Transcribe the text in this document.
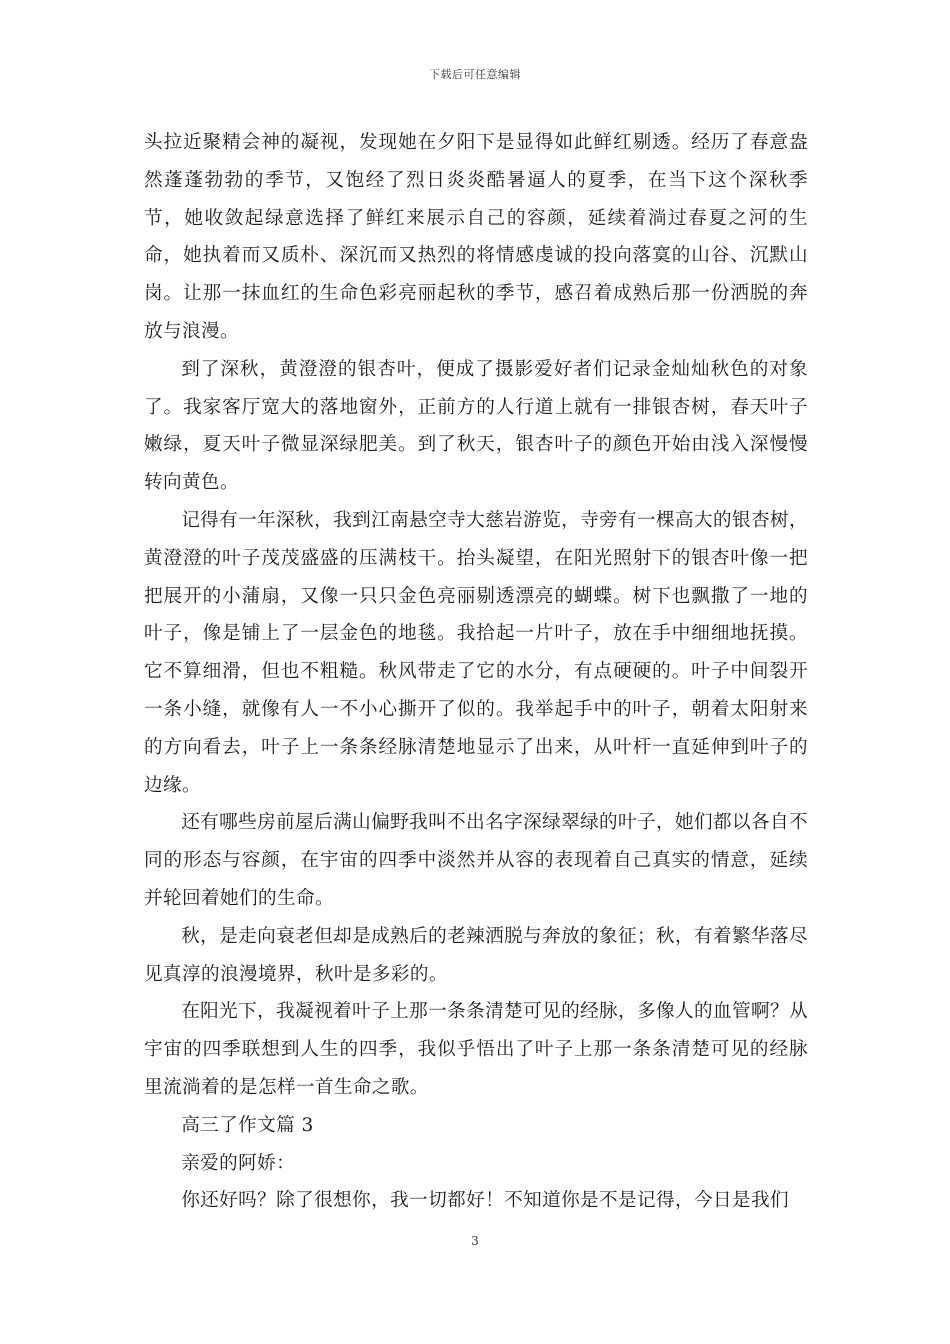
下载后可任意编辑

头拉近聚精会神的凝视，发现她在夕阳下是显得如此鲜红剔透。经历了春意盎然蓬蓬勃勃的季节，又饱经了烈日炎炎酷暑逼人的夏季，在当下这个深秋季节，她收敛起绿意选择了鲜红来展示自己的容颜，延续着淌过春夏之河的生命，她执着而又质朴、深沉而又热烈的将情感虔诚的投向落寞的山谷、沉默山岗。让那一抹血红的生命色彩亮丽起秋的季节，感召着成熟后那一份洒脱的奔放与浪漫。

到了深秋，黄澄澄的银杏叶，便成了摄影爱好者们记录金灿灿秋色的对象了。我家客厅宽大的落地窗外，正前方的人行道上就有一排银杏树，春天叶子嫩绿，夏天叶子微显深绿肥美。到了秋天，银杏叶子的颜色开始由浅入深慢慢转向黄色。

记得有一年深秋，我到江南悬空寺大慈岩游览，寺旁有一棵高大的银杏树，黄澄澄的叶子茂茂盛盛的压满枝干。抬头凝望，在阳光照射下的银杏叶像一把把展开的小蒲扇，又像一只只金色亮丽剔透漂亮的蝴蝶。树下也飘撒了一地的叶子，像是铺上了一层金色的地毯。我拾起一片叶子，放在手中细细地抚摸。它不算细滑，但也不粗糙。秋风带走了它的水分，有点硬硬的。叶子中间裂开一条小缝，就像有人一不小心撕开了似的。我举起手中的叶子，朝着太阳射来的方向看去，叶子上一条条经脉清楚地显示了出来，从叶杆一直延伸到叶子的边缘。

还有哪些房前屋后满山偏野我叫不出名字深绿翠绿的叶子，她们都以各自不同的形态与容颜，在宇宙的四季中淡然并从容的表现着自己真实的情意，延续并轮回着她们的生命。

秋，是走向衰老但却是成熟后的老辣洒脱与奔放的象征；秋，有着繁华落尽见真淳的浪漫境界，秋叶是多彩的。

在阳光下，我凝视着叶子上那一条条清楚可见的经脉，多像人的血管啊？从宇宙的四季联想到人生的四季，我似乎悟出了叶子上那一条条清楚可见的经脉里流淌着的是怎样一首生命之歌。

高三了作文篇 3

亲爱的阿娇：

你还好吗？除了很想你，我一切都好！不知道你是不是记得，今日是我们

3
